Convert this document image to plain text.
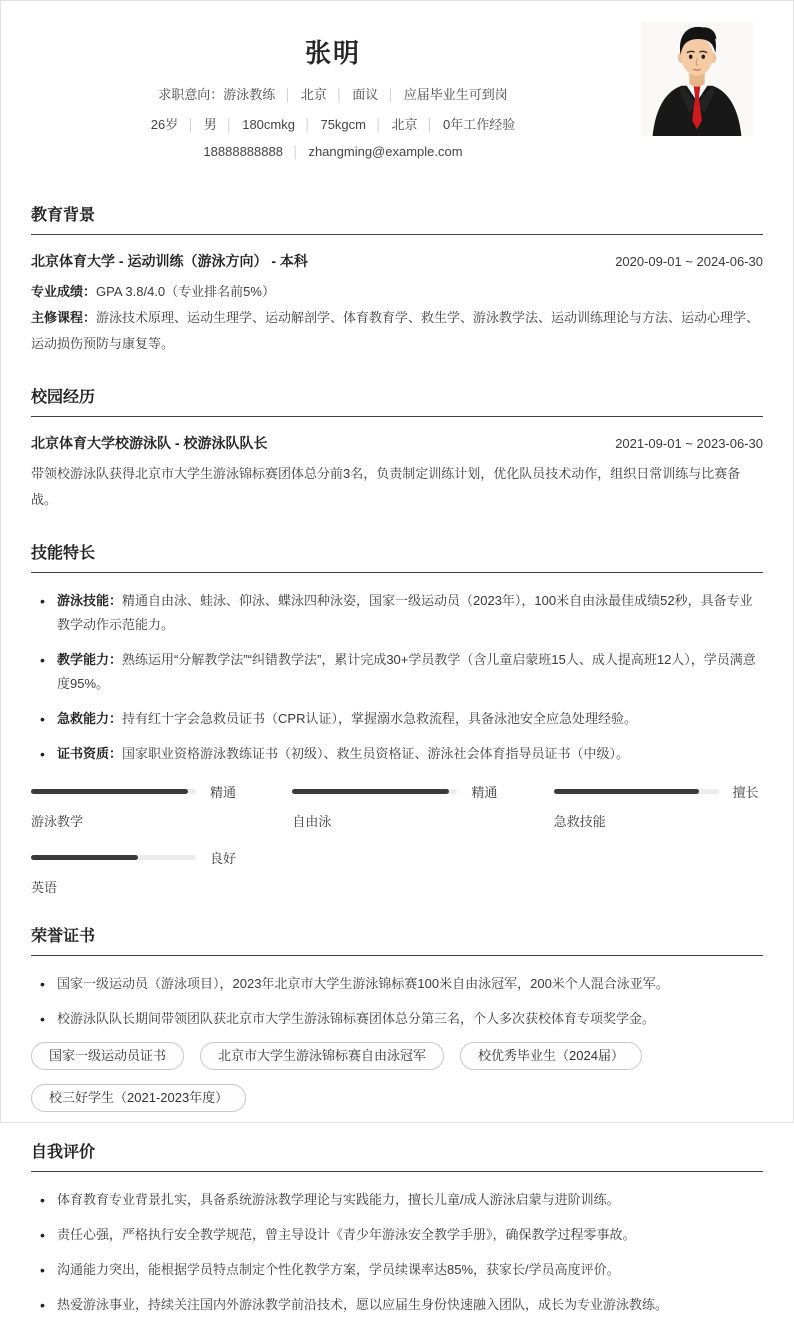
张明
求职意向：游泳教练 │ 北京 │ 面议 │ 应届毕业生可到岗
26岁 │ 男 │ 180cmkg │ 75kgcm │ 北京 │ 0年工作经验
18888888888 │ zhangming@example.com
教育背景
北京体育大学 - 运动训练（游泳方向） - 本科	2020-09-01 ~ 2024-06-30

专业成绩：GPA 3.8/4.0（专业排名前5%）

主修课程：游泳技术原理、运动生理学、运动解剖学、体育教育学、救生学、游泳教学法、运动训练理论与方法、运动心理学、运动损伤预防与康复等。

校园经历
北京体育大学校游泳队 - 校游泳队队长	2021-09-01 ~ 2023-06-30

带领校游泳队获得北京市大学生游泳锦标赛团体总分前3名，负责制定训练计划，优化队员技术动作，组织日常训练与比赛备战。

技能特长
• 游泳技能：精通自由泳、蛙泳、仰泳、蝶泳四种泳姿，国家一级运动员（2023年），100米自由泳最佳成绩52秒，具备专业教学动作示范能力。
• 教学能力：熟练运用“分解教学法”“纠错教学法”，累计完成30+学员教学（含儿童启蒙班15人、成人提高班12人），学员满意度95%。
• 急救能力：持有红十字会急救员证书（CPR认证），掌握溺水急救流程，具备泳池安全应急处理经验。
• 证书资质：国家职业资格游泳教练证书（初级）、救生员资格证、游泳社会体育指导员证书（中级）。
精通
游泳教学
精通
自由泳
擅长
急救技能
良好
英语
荣誉证书
• 国家一级运动员（游泳项目），2023年北京市大学生游泳锦标赛100米自由泳冠军，200米个人混合泳亚军。
• 校游泳队队长期间带领团队获北京市大学生游泳锦标赛团体总分第三名，个人多次获校体育专项奖学金。
国家一级运动员证书	北京市大学生游泳锦标赛自由泳冠军	校优秀毕业生（2024届）
校三好学生（2021-2023年度）
自我评价
• 体育教育专业背景扎实，具备系统游泳教学理论与实践能力，擅长儿童/成人游泳启蒙与进阶训练。
• 责任心强，严格执行安全教学规范，曾主导设计《青少年游泳安全教学手册》，确保教学过程零事故。
• 沟通能力突出，能根据学员特点制定个性化教学方案，学员续课率达85%，获家长/学员高度评价。
• 热爱游泳事业，持续关注国内外游泳教学前沿技术，愿以应届生身份快速融入团队，成长为专业游泳教练。
